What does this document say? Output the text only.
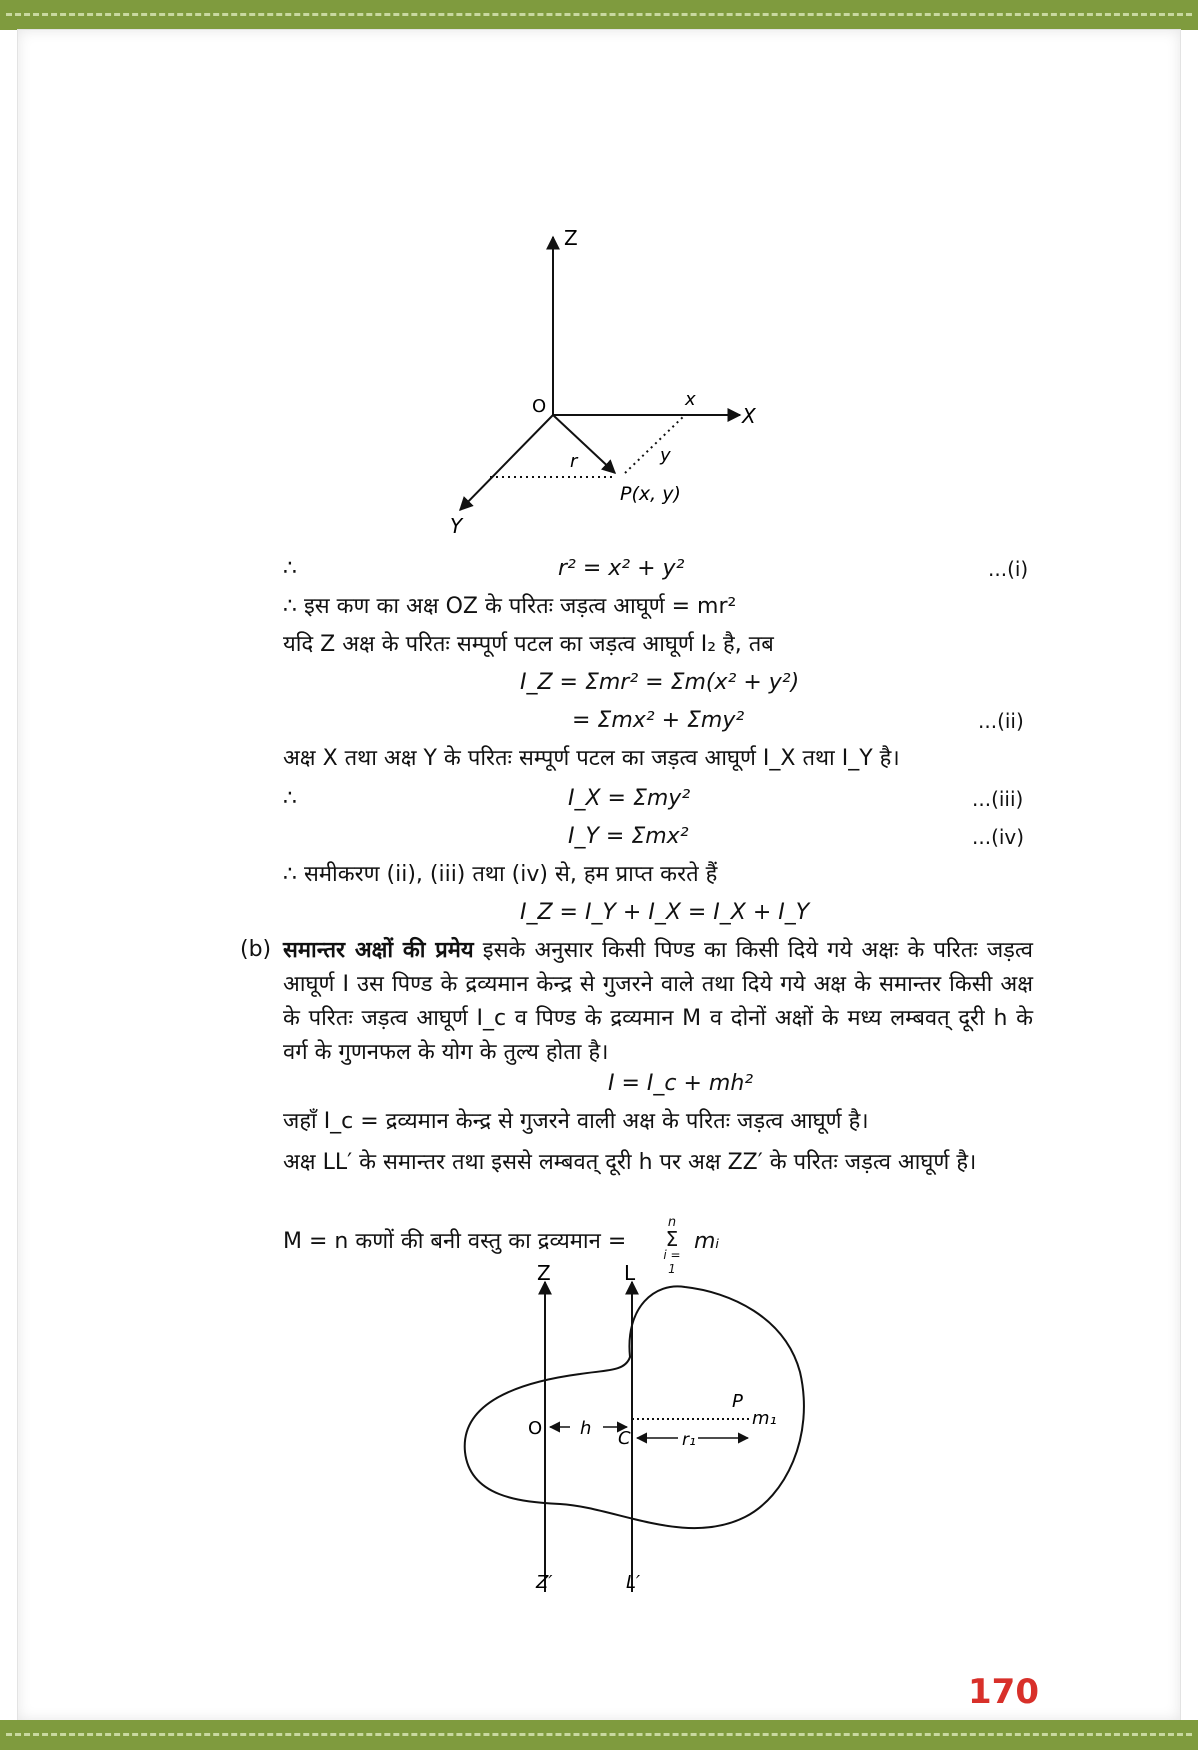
Z
X
Y
O	x
y
r
P(x, y)
∴	r² = x² + y²	...(i)
∴ इस कण का अक्ष OZ के परितः जड़त्व आघूर्ण = mr²
यदि Z अक्ष के परितः सम्पूर्ण पटल का जड़त्व आघूर्ण I₂ है, तब
I_Z = Σmr² = Σm(x² + y²)
= Σmx² + Σmy²	...(ii)
अक्ष X तथा अक्ष Y के परितः सम्पूर्ण पटल का जड़त्व आघूर्ण I_X तथा I_Y है।
∴	I_X = Σmy²	...(iii)
I_Y = Σmx²	...(iv)
∴ समीकरण (ii), (iii) तथा (iv) से, हम प्राप्त करते हैं
I_Z = I_Y + I_X = I_X + I_Y
(b) समान्तर अक्षों की प्रमेय इसके अनुसार किसी पिण्ड का किसी दिये गये अक्षः के परितः जड़त्व आघूर्ण I उस पिण्ड के द्रव्यमान केन्द्र से गुजरने वाले तथा दिये गये अक्ष के समान्तर किसी अक्ष के परितः जड़त्व आघूर्ण I_c व पिण्ड के द्रव्यमान M व दोनों अक्षों के मध्य लम्बवत् दूरी h के वर्ग के गुणनफल के योग के तुल्य होता है।
I = I_c + mh²
जहाँ I_c = द्रव्यमान केन्द्र से गुजरने वाली अक्ष के परितः जड़त्व आघूर्ण है।
अक्ष LL′ के समान्तर तथा इससे लम्बवत् दूरी h पर अक्ष ZZ′ के परितः जड़त्व आघूर्ण है।
M = n कणों की बनी वस्तु का द्रव्यमान =
n
Σ
i = 1
mᵢ
Z	L
Z′	L′
O h C
P
m₁
r₁
170
